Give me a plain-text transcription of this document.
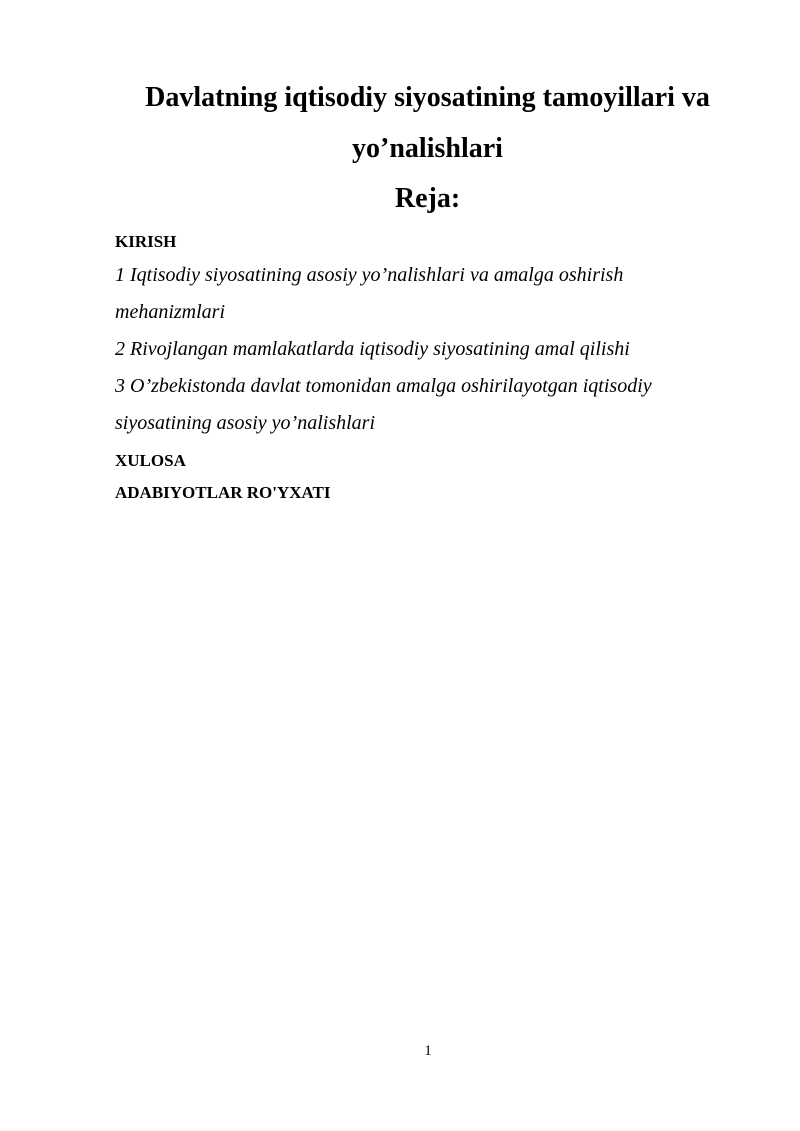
Davlatning iqtisodiy siyosatining tamoyillari va
yo’nalishlari
Reja:

KIRISH

1 Iqtisodiy siyosatining asosiy yo’nalishlari va amalga oshirish

mehanizmlari

2 Rivojlangan mamlakatlarda iqtisodiy siyosatining amal qilishi

3 O’zbekistonda davlat tomonidan amalga oshirilayotgan iqtisodiy

siyosatining asosiy yo’nalishlari

XULOSA

ADABIYOTLAR RO'YXATI

1
